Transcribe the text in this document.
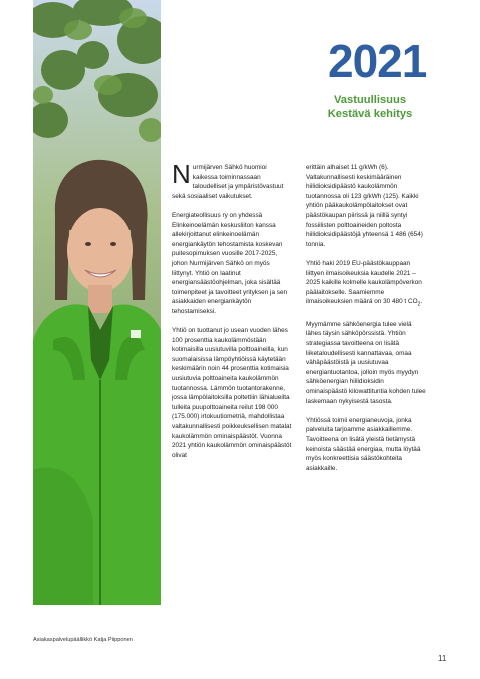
Asiakaspalvelupäällikkö Katja Piipponen
2021
Vastuullisuus
Kestävä kehitys

Nurmijärven Sähkö huomioi kaikessa toiminnassaan taloudelliset ja ympäristövastuut sekä sosiaaliset vaikutukset.

Energiateollisuus ry on yhdessä Elinkeinoelämän keskusliiton kanssa allekirjoittanut elinkeinoelämän energiankäytön tehostamista koskevan puitesopimuksen vuosille 2017-2025, johon Nurmijärven Sähkö on myös liittynyt. Yhtiö on laatinut energiansäästöohjelman, joka sisältää toimenpiteet ja tavoitteet yrityksen ja sen asiakkaiden energiankäytön tehostamiseksi.

Yhtiö on tuottanut jo usean vuoden lähes 100 prosenttia kaukolämmöstään kotimaisilla uusiutuvilla polttoaineilla, kun suomalaisissa lämpöyhtiöissä käytetään keskimäärin noin 44 prosenttia kotimaisia uusiutuvia polttoaineita kaukolämmön tuotannossa. Lämmön tuotantorakenne, jossa lämpölaitoksilla poltettiin lähialueilta tulleita puupolttoaineita reilut 198 000 (175.000) irtokuutiometriä, mahdollistaa valtakunnallisesti poikkeuksellisen matalat kaukolämmön ominaispäästöt. Vuonna 2021 yhtiön kaukolämmön ominaispäästöt olivat

erittäin alhaiset 11 g/kWh (6). Valtakunnallisesti keskimääräinen hiilidioksidipäästö kaukolämmön tuotannossa oli 123 g/kWh (125). Kaikki yhtiön pääkaukolämpölaitokset ovat päästökaupan piirissä ja niillä syntyi fossiilisten polttoaineiden poltosta hiilidioksidipäästöjä yhteensä 1 486 (654) tonnia.

Yhtiö haki 2019 EU-päästökauppaan liittyen ilmaisoikeuksia kaudelle 2021 – 2025 kaikille kolmelle kaukolämpöverkon päälaitokselle. Saamiemme ilmaisoikeuksien määrä on 30 480 t $CO_2$.

Myymämme sähköenergia tulee vielä lähes täysin sähköpörssistä. Yhtiön strategiassa tavoitteena on lisätä liiketaloudellisesti kannattavaa, omaa vähäpäästöistä ja uusiutuvaa energiantuotantoa, jolloin myös myydyn sähköenergian hiilidioksidin ominaispäästö kilowattituntia kohden tulee laskemaan nykyisestä tasosta.

Yhtiössä toimii energianeuvoja, jonka palveluita tarjoamme asiakkaillemme. Tavoitteena on lisätä yleistä tietämystä keinoista säästää energiaa, mutta löytää myös konkreettisia säästökohteita asiakkaille.

11
